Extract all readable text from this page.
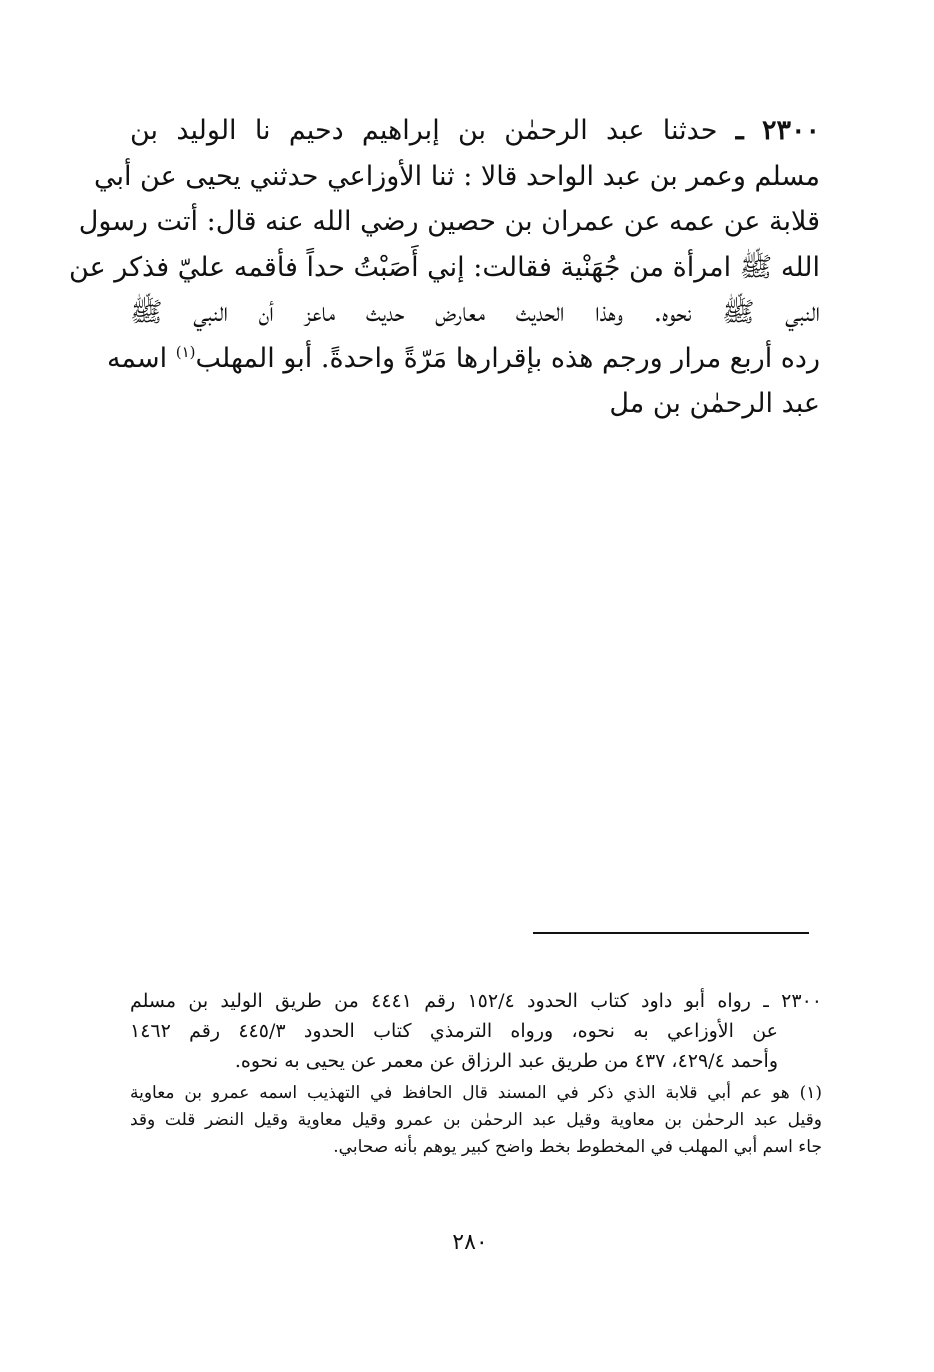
٢٣٠٠ ـ حدثنا عبد الرحمٰن بن إبراهيم دحيم نا الوليد بن
مسلم وعمر بن عبد الواحد قالا : ثنا الأوزاعي حدثني يحيى عن أبي
قلابة عن عمه عن عمران بن حصين رضي الله عنه قال: أتت رسول
الله ﷺ امرأة من جُهَنْية فقالت: إني أَصَبْتُ حداً فأقمه عليّ فذكر عن
النبي ﷺ نحوه. وهذا الحديث معارض حديث ماعز أن النبي ﷺ
رده أربع مرار ورجم هذه بإقرارها مَرّةً واحدةً. أبو المهلب$^{(١)}$ اسمه
عبد الرحمٰن بن مل
٢٣٠٠ ـ رواه أبو داود كتاب الحدود ١٥٢/٤ رقم ٤٤٤١ من طريق الوليد بن مسلم
عن الأوزاعي به نحوه، ورواه الترمذي كتاب الحدود ٤٤٥/٣ رقم ١٤٦٢
وأحمد ٤٢٩/٤، ٤٣٧ من طريق عبد الرزاق عن معمر عن يحيى به نحوه.
(١) هو عم أبي قلابة الذي ذكر في المسند قال الحافظ في التهذيب اسمه عمرو بن معاوية
وقيل عبد الرحمٰن بن معاوية وقيل عبد الرحمٰن بن عمرو وقيل معاوية وقيل النضر قلت وقد
جاء اسم أبي المهلب في المخطوط بخط واضح كبير يوهم بأنه صحابي.
٢٨٠
